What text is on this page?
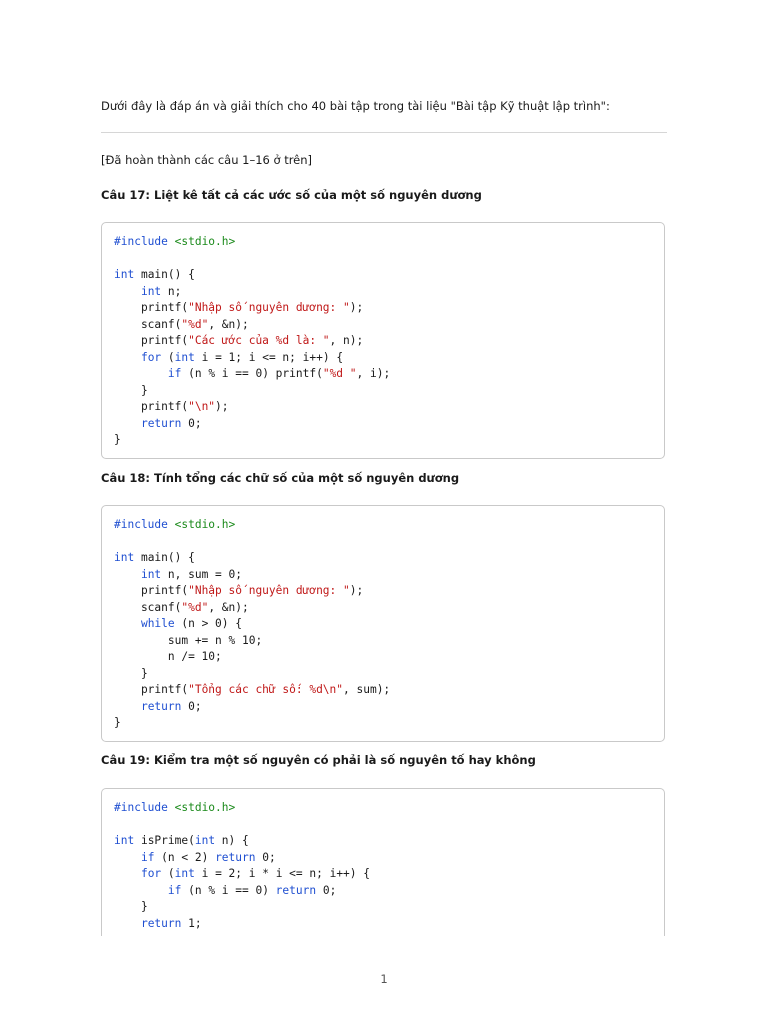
Dưới đây là đáp án và giải thích cho 40 bài tập trong tài liệu "Bài tập Kỹ thuật lập trình":
[Đã hoàn thành các câu 1–16 ở trên]
Câu 17: Liệt kê tất cả các ước số của một số nguyên dương
#include <stdio.h>
int main() {
int n;
printf("Nhập số nguyên dương: ");
scanf("%d", &n);
printf("Các ước của %d là: ", n);
for (int i = 1; i <= n; i++) {
if (n % i == 0) printf("%d ", i);
}
printf("\n");
return 0;
}
Câu 18: Tính tổng các chữ số của một số nguyên dương
#include <stdio.h>
int main() {
int n, sum = 0;
printf("Nhập số nguyên dương: ");
scanf("%d", &n);
while (n > 0) {
sum += n % 10;
n /= 10;
}
printf("Tổng các chữ số: %d\n", sum);
return 0;
}
Câu 19: Kiểm tra một số nguyên có phải là số nguyên tố hay không
#include <stdio.h>
int isPrime(int n) {
if (n < 2) return 0;
for (int i = 2; i * i <= n; i++) {
if (n % i == 0) return 0;
}
return 1;
1
